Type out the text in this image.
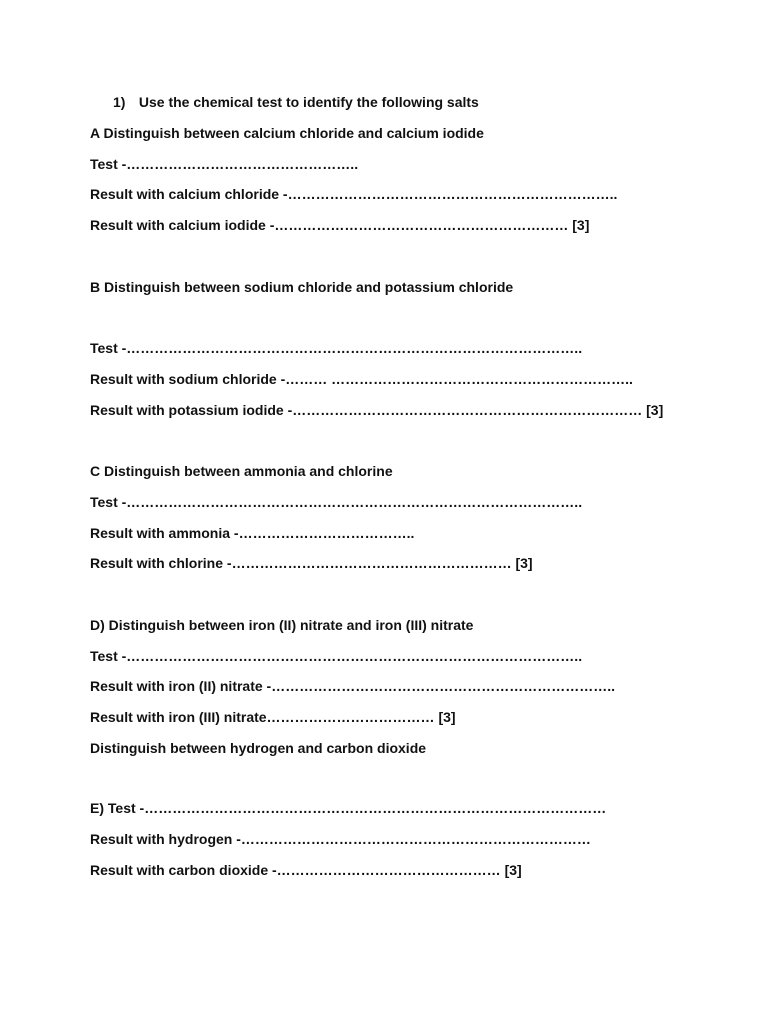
1) Use the chemical test to identify the following salts
A Distinguish between calcium chloride and calcium iodide
Test -…………………………………………..
Result with calcium chloride -……………………………………………………………..
Result with calcium iodide -……………………………………………………… [3]
B Distinguish between sodium chloride and potassium chloride
Test -……………………………………………………………………………………..
Result with sodium chloride -……… ………………………………………………………..
Result with potassium iodide -………………………………………………………………… [3]
C Distinguish between ammonia and chlorine
Test -……………………………………………………………………………………..
Result with ammonia -………………………………..
Result with chlorine -…………………………………………………… [3]
D) Distinguish between iron (II) nitrate and iron (III) nitrate
Test -……………………………………………………………………………………..
Result with iron (II) nitrate -………………………………………………………………..
Result with iron (III) nitrate……………………………… [3]
Distinguish between hydrogen and carbon dioxide
E) Test -………………………………………………………………………………………
Result with hydrogen -…………………………………………………………………
Result with carbon dioxide -………………………………………… [3]
